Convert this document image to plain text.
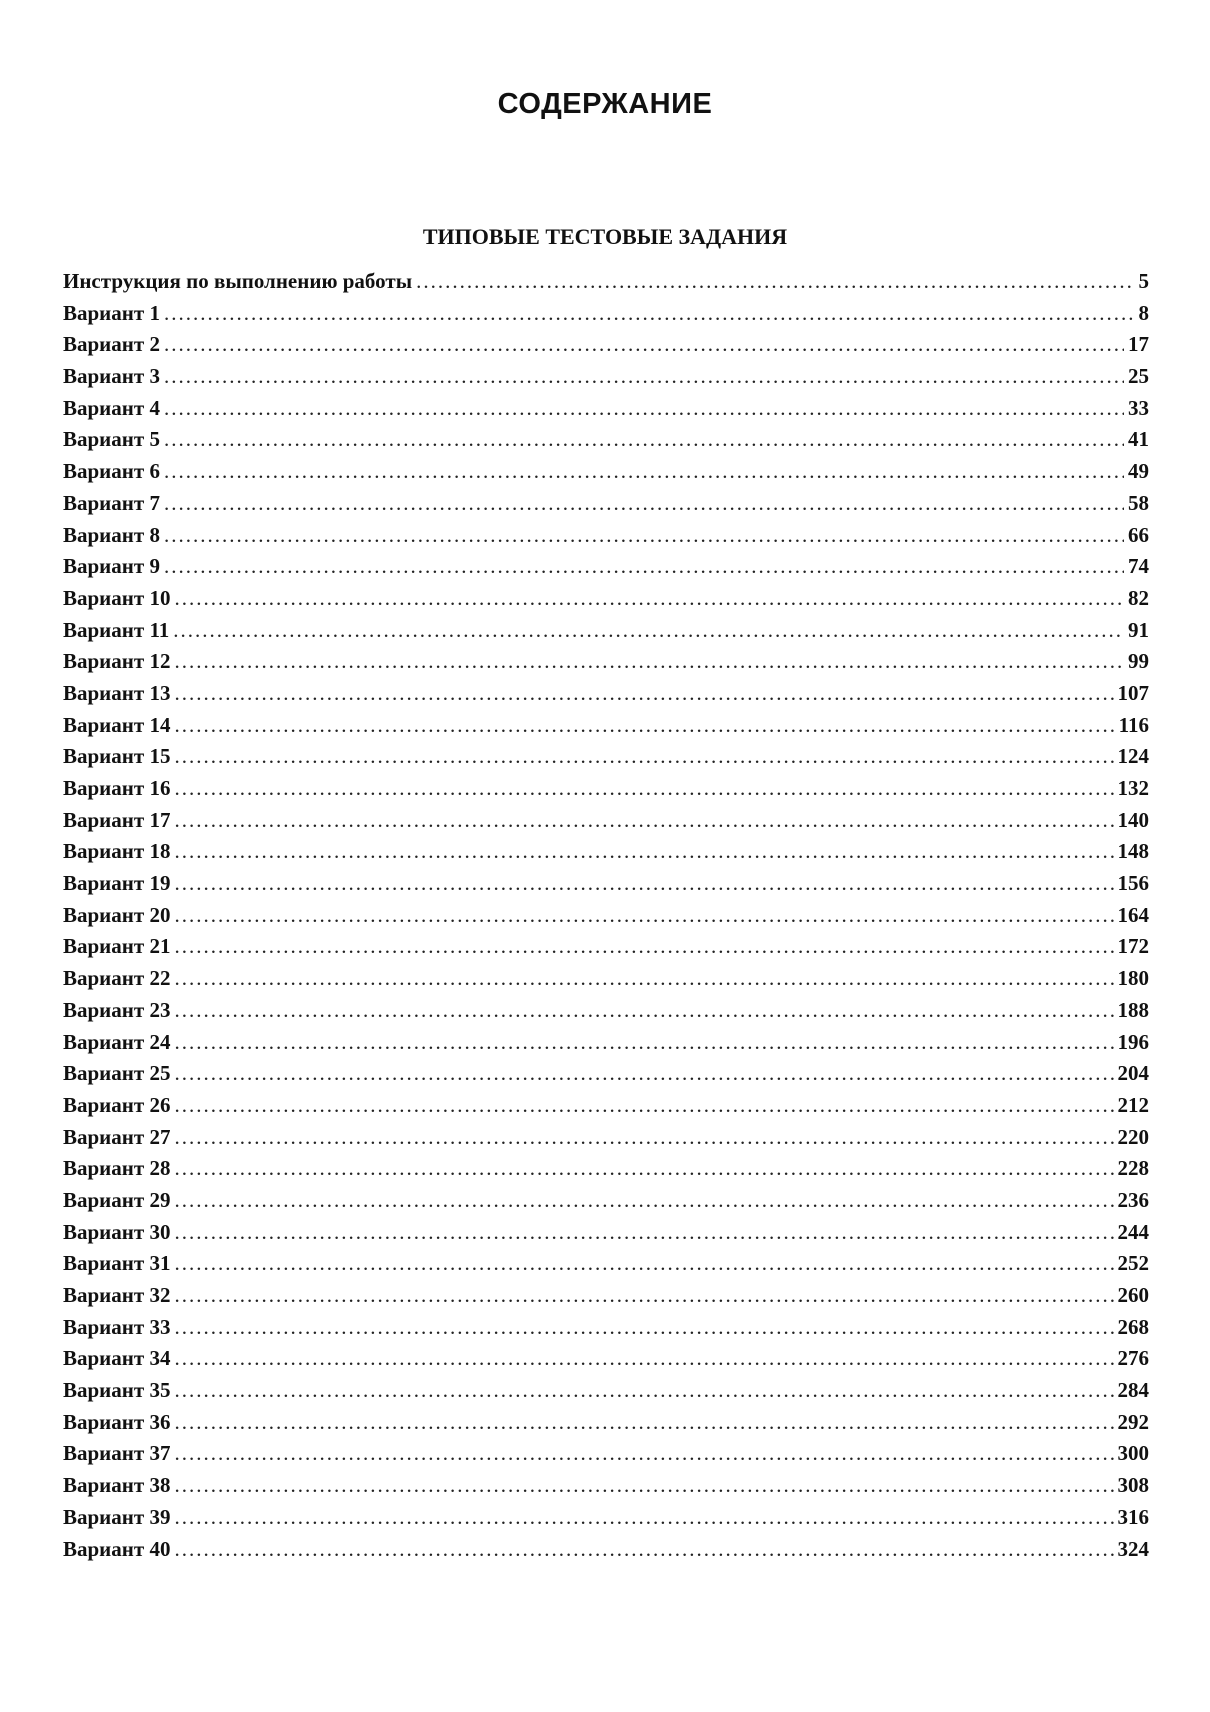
СОДЕРЖАНИЕ
ТИПОВЫЕ ТЕСТОВЫЕ ЗАДАНИЯ
Инструкция по выполнению работы .....	5
Вариант 1 .....	8
Вариант 2 .....	17
Вариант 3 .....	25
Вариант 4 .....	33
Вариант 5 .....	41
Вариант 6 .....	49
Вариант 7 .....	58
Вариант 8 .....	66
Вариант 9 .....	74
Вариант 10 .....	82
Вариант 11 .....	91
Вариант 12 .....	99
Вариант 13 .....	107
Вариант 14 .....	116
Вариант 15 .....	124
Вариант 16 .....	132
Вариант 17 .....	140
Вариант 18 .....	148
Вариант 19 .....	156
Вариант 20 .....	164
Вариант 21 .....	172
Вариант 22 .....	180
Вариант 23 .....	188
Вариант 24 .....	196
Вариант 25 .....	204
Вариант 26 .....	212
Вариант 27 .....	220
Вариант 28 .....	228
Вариант 29 .....	236
Вариант 30 .....	244
Вариант 31 .....	252
Вариант 32 .....	260
Вариант 33 .....	268
Вариант 34 .....	276
Вариант 35 .....	284
Вариант 36 .....	292
Вариант 37 .....	300
Вариант 38 .....	308
Вариант 39 .....	316
Вариант 40 .....	324
